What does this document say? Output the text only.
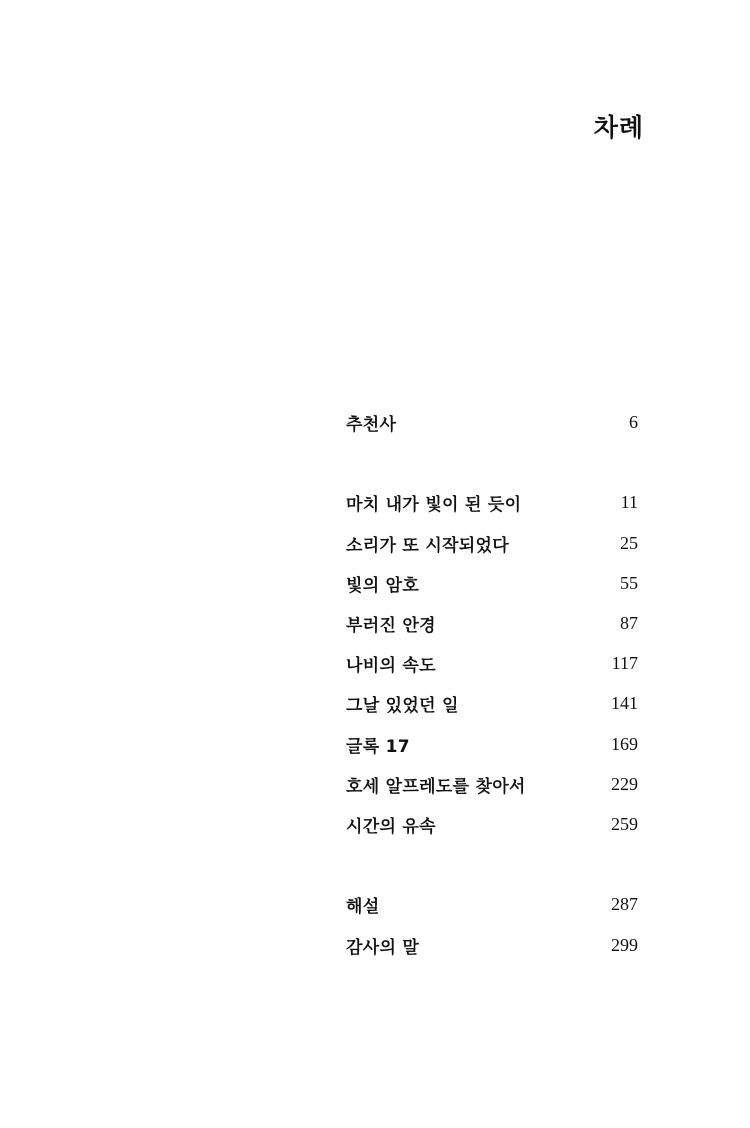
차례
추천사	6
마치 내가 빛이 된 듯이	11
소리가 또 시작되었다	25
빛의 암호	55
부러진 안경	87
나비의 속도	117
그날 있었던 일	141
글록 17	169
호세 알프레도를 찾아서	229
시간의 유속	259
해설	287
감사의 말	299
